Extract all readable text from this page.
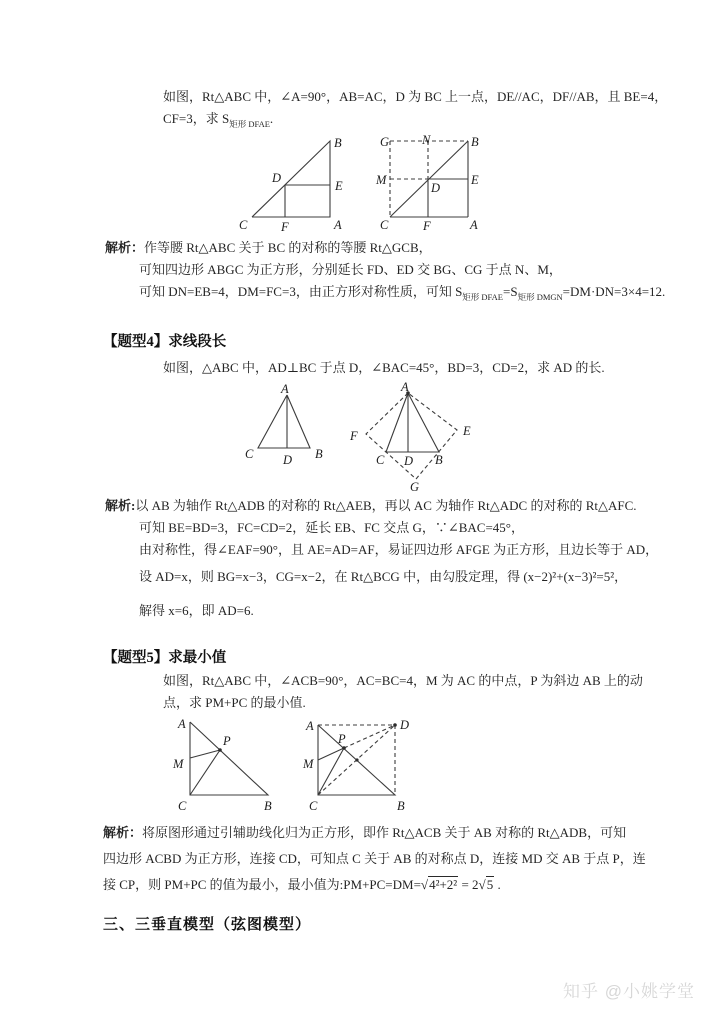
如图，Rt△ABC 中，∠A=90°，AB=AC，D 为 BC 上一点，DE//AC，DF//AB，且 BE=4，
CF=3，求 $S_{矩形 DFAE}$.
B
D
E
C	F	A
G	N	B
M
D
E
C	F	A
解析：作等腰 Rt△ABC 关于 BC 的对称的等腰 Rt△GCB，
可知四边形 ABGC 为正方形，分别延长 FD、ED 交 BG、CG 于点 N、M，
可知 DN=EB=4，DM=FC=3，由正方形对称性质，可知 $S_{矩形 DFAE}=S_{矩形 DMGN}=DM\cdot DN=3\times 4=12$.
【题型4】求线段长
如图，△ABC 中，AD⊥BC 于点 D，∠BAC=45°，BD=3，CD=2，求 AD 的长.
A
C D B
A
F	E
C D B
G
解析:以 AB 为轴作 Rt△ADB 的对称的 Rt△AEB，再以 AC 为轴作 Rt△ADC 的对称的 Rt△AFC.
可知 BE=BD=3，FC=CD=2，延长 EB、FC 交点 G，∵∠BAC=45°，
由对称性，得∠EAF=90°，且 AE=AD=AF，易证四边形 AFGE 为正方形，且边长等于 AD，
设 AD=x，则 BG=x−3，CG=x−2，在 Rt△BCG 中，由勾股定理，得 (x−2)²+(x−3)²=5²，
解得 x=6，即 AD=6.
【题型5】求最小值
如图，Rt△ABC 中，∠ACB=90°，AC=BC=4，M 为 AC 的中点，P 为斜边 AB 上的动
点，求 PM+PC 的最小值.
A
P
M
C	B
A	D
P
M
C	B
解析：将原图形通过引辅助线化归为正方形，即作 Rt△ACB 关于 AB 对称的 Rt△ADB，可知
四边形 ACBD 为正方形，连接 CD，可知点 C 关于 AB 的对称点 D，连接 MD 交 AB 于点 P，连
接 CP，则 PM+PC 的值为最小，最小值为:PM+PC=DM=√4²+2² = 2√5 .
三、三垂直模型（弦图模型）
知乎 @小姚学堂
